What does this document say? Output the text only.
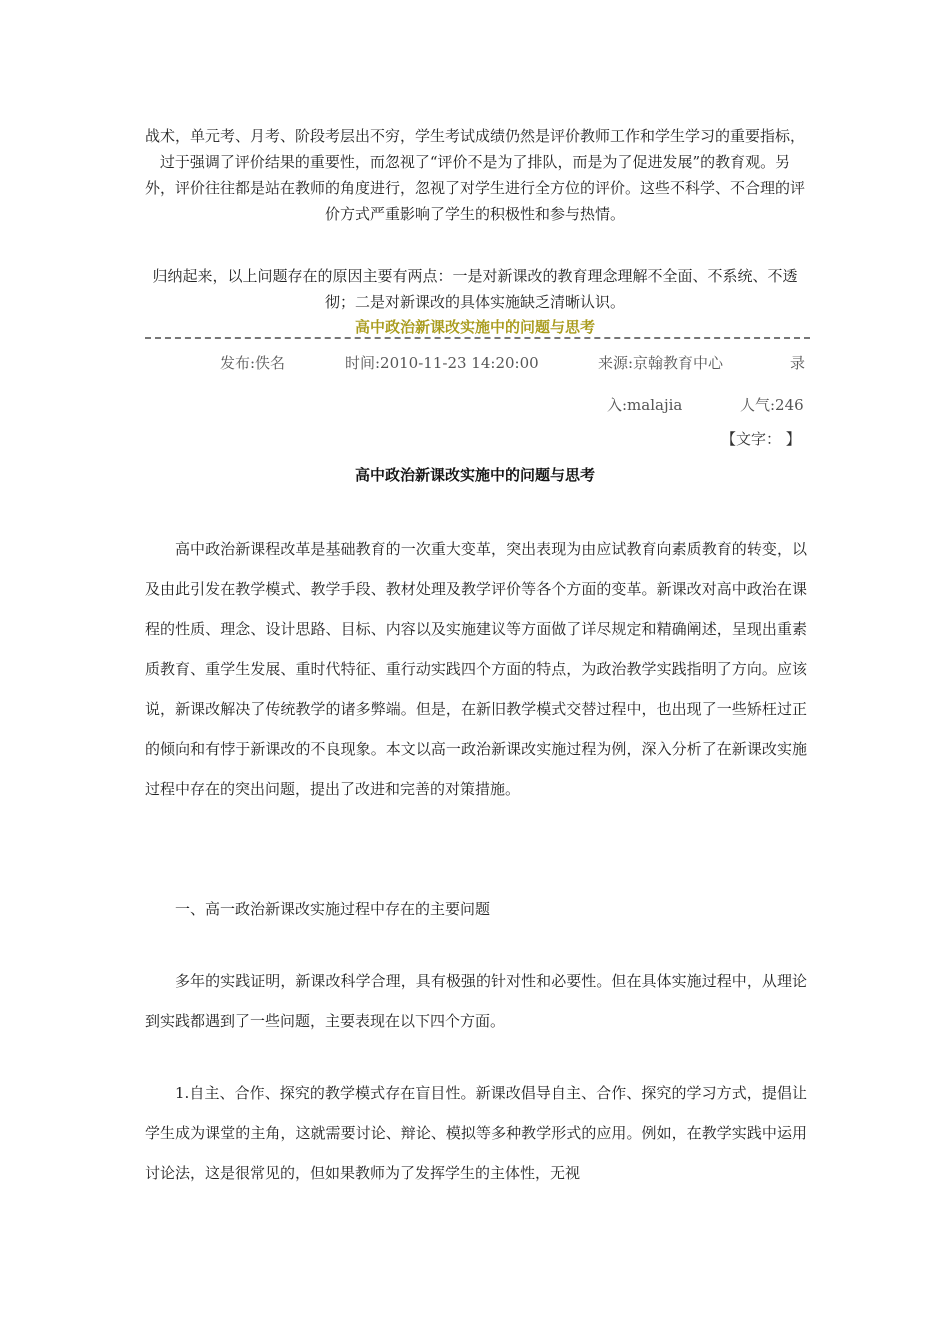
战术，单元考、月考、阶段考层出不穷，学生考试成绩仍然是评价教师工作和学生学习的重要指标，过于强调了评价结果的重要性，而忽视了“评价不是为了排队，而是为了促进发展”的教育观。另外，评价往往都是站在教师的角度进行，忽视了对学生进行全方位的评价。这些不科学、不合理的评价方式严重影响了学生的积极性和参与热情。
归纳起来，以上问题存在的原因主要有两点：一是对新课改的教育理念理解不全面、不系统、不透彻；二是对新课改的具体实施缺乏清晰认识。
高中政治新课改实施中的问题与思考
发布:佚名	时间:2010-11-23 14:20:00	来源:京翰教育中心	录
入:malajia	人气:246
【文字： 】
高中政治新课改实施中的问题与思考
高中政治新课程改革是基础教育的一次重大变革，突出表现为由应试教育向素质教育的转变，以及由此引发在教学模式、教学手段、教材处理及教学评价等各个方面的变革。新课改对高中政治在课程的性质、理念、设计思路、目标、内容以及实施建议等方面做了详尽规定和精确阐述，呈现出重素质教育、重学生发展、重时代特征、重行动实践四个方面的特点，为政治教学实践指明了方向。应该说，新课改解决了传统教学的诸多弊端。但是，在新旧教学模式交替过程中，也出现了一些矫枉过正的倾向和有悖于新课改的不良现象。本文以高一政治新课改实施过程为例，深入分析了在新课改实施过程中存在的突出问题，提出了改进和完善的对策措施。
一、高一政治新课改实施过程中存在的主要问题
多年的实践证明，新课改科学合理，具有极强的针对性和必要性。但在具体实施过程中，从理论到实践都遇到了一些问题，主要表现在以下四个方面。
1.自主、合作、探究的教学模式存在盲目性。新课改倡导自主、合作、探究的学习方式，提倡让学生成为课堂的主角，这就需要讨论、辩论、模拟等多种教学形式的应用。例如，在教学实践中运用讨论法，这是很常见的，但如果教师为了发挥学生的主体性，无视
